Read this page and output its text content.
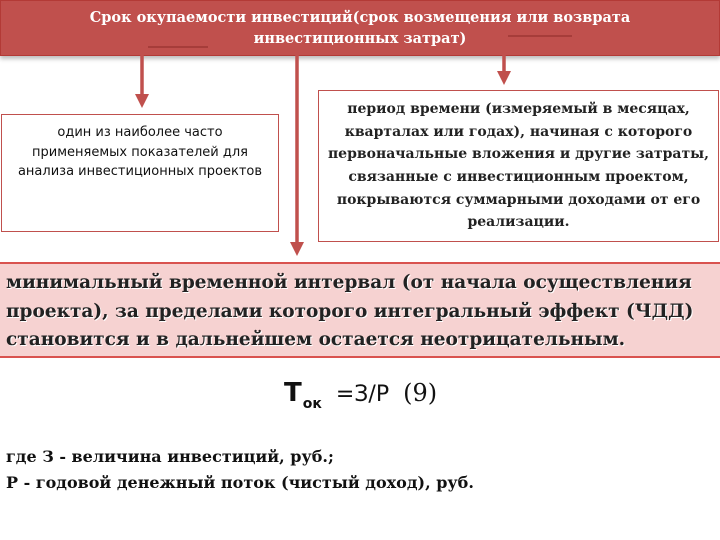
Срок окупаемости инвестиций(срок возмещения или возврата инвестиционных затрат)
один из наиболее часто применяемых показателей для анализа инвестиционных проектов
период времени (измеряемый в месяцах, кварталах или годах), начиная с которого первоначальные вложения и другие затраты, связанные с инвестиционным проектом, покрываются суммарными доходами от его реализации.
минимальный временной интервал (от начала осуществления проекта), за пределами которого интегральный эффект (ЧДД) становится и в дальнейшем остается неотрицательным.
Ток =З/Р (9)
где З - величина инвестиций, руб.;
Р - годовой денежный поток (чистый доход), руб.
